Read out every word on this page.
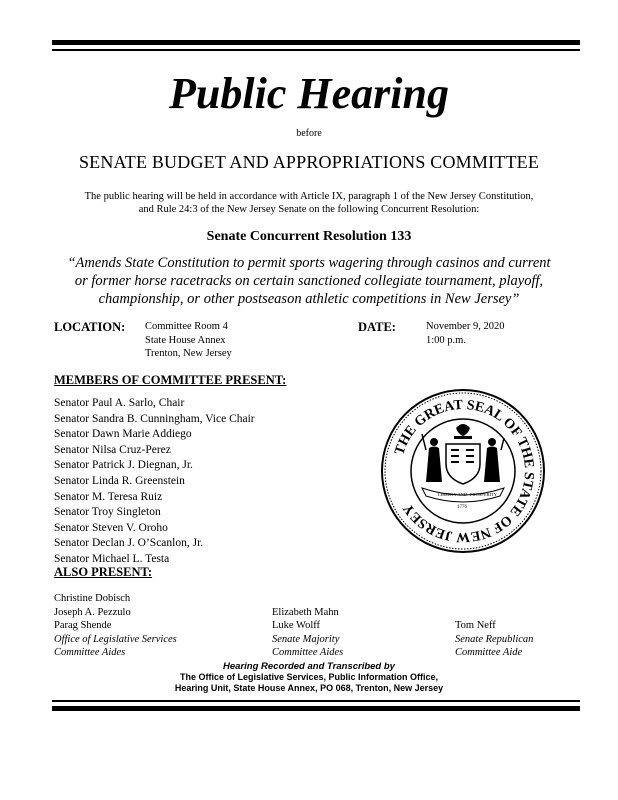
Public Hearing
before
SENATE BUDGET AND APPROPRIATIONS COMMITTEE
The public hearing will be held in accordance with Article IX, paragraph 1 of the New Jersey Constitution,
and Rule 24:3 of the New Jersey Senate on the following Concurrent Resolution:
Senate Concurrent Resolution 133
“Amends State Constitution to permit sports wagering through casinos and current
or former horse racetracks on certain sanctioned collegiate tournament, playoff,
championship, or other postseason athletic competitions in New Jersey”
LOCATION: Committee Room 4
State House Annex
Trenton, New Jersey
DATE:	November 9, 2020
1:00 p.m.
MEMBERS OF COMMITTEE PRESENT:
Senator Paul A. Sarlo, Chair
Senator Sandra B. Cunningham, Vice Chair
Senator Dawn Marie Addiego
Senator Nilsa Cruz-Perez
Senator Patrick J. Diegnan, Jr.
Senator Linda R. Greenstein
Senator M. Teresa Ruiz
Senator Troy Singleton
Senator Steven V. Oroho
Senator Declan J. O’Scanlon, Jr.
Senator Michael L. Testa
THE GREAT SEAL OF THE STATE OF NEW JERSEY
LIBERTY AND PROSPERITY
1776
ALSO PRESENT:
Christine Dobisch
Joseph A. Pezzulo
Parag Shende
Office of Legislative Services
Committee Aides
Elizabeth Mahn
Luke Wolff
Senate Majority
Committee Aides
Tom Neff
Senate Republican
Committee Aide
Hearing Recorded and Transcribed by
The Office of Legislative Services, Public Information Office,
Hearing Unit, State House Annex, PO 068, Trenton, New Jersey
